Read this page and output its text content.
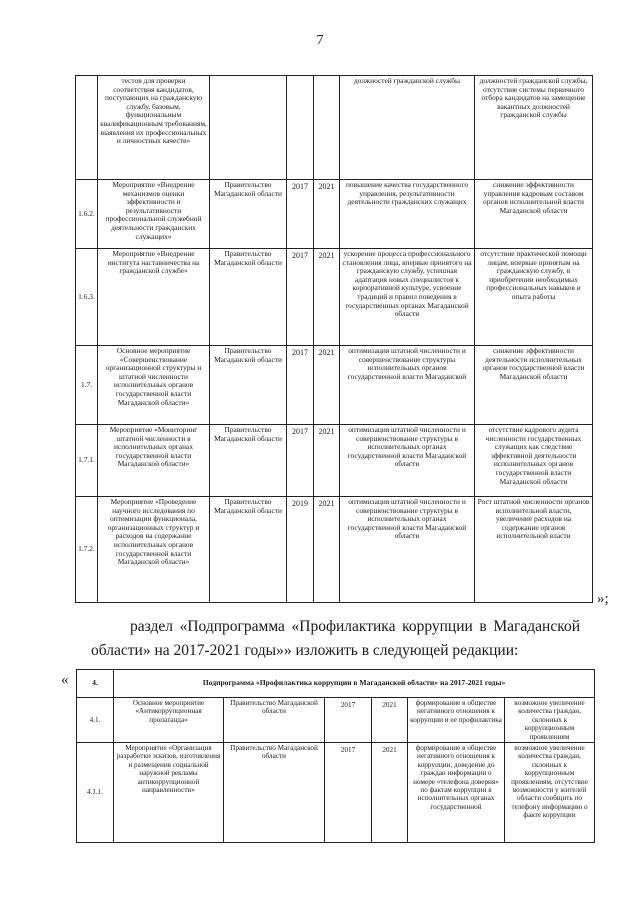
7
	тестов для проверки соответствия кандидатов, поступающих на гражданскую службу, базовым, функциональным квалификационным требованиям, выявления их профессиональных и личностных качеств»				должностей гражданской службы	должностей гражданской службы, отсутствие системы первичного отбора кандидатов на замещение вакантных должностей гражданской службы
1.6.2.	Мероприятие «Внедрение механизмов оценки эффективности и результативности профессиональной служебной деятельности гражданских служащих»	Правительство Магаданской области	2017	2021	повышение качества государственного управления, результативности деятельности гражданских служащих	снижение эффективности управления кадровым составом органов исполнительной власти Магаданской области
1.6.3.	Мероприятие «Внедрение института наставничества на гражданской службе»	Правительство Магаданской области	2017	2021	ускорение процесса профессионального становления лица, впервые принятого на гражданскую службу, успешная адаптация новых специалистов к корпоративной культуре, усвоение традиций и правил поведения в государственных органах Магаданской области	отсутствие практической помощи лицам, впервые принятым на гражданскую службу, в приобретении необходимых профессиональных навыков и опыта работы
1.7.	Основное мероприятие «Совершенствование организационной структуры и штатной численности исполнительных органов государственной власти Магаданской области»	Правительство Магаданской области	2017	2021	оптимизация штатной численности и совершенствование структуры исполнительных органов государственной власти Магаданской	снижение эффективности деятельности исполнительных органов государственной власти Магаданской области
1.7.1.	Мероприятие «Мониторинг штатной численности в исполнительных органах государственной власти Магаданской области»	Правительство Магаданской области	2017	2021	оптимизация штатной численности и совершенствование структуры в исполнительных органах государственной власти Магаданской области	отсутствие кадрового аудита численности государственных служащих как следствие эффективной деятельности исполнительных органов государственной власти Магаданской области
1.7.2.	Мероприятие «Проведение научного исследования по оптимизации функционала, организационных структур и расходов на содержание исполнительных органов государственной власти Магаданской области»	Правительство Магаданской области	2019	2021	оптимизация штатной численности и совершенствование структуры в исполнительных органах государственной власти Магаданской области	Рост штатной численности органов исполнительной власти, увеличение расходов на содержание органов исполнительной власти
»;
раздел «Подпрограмма «Профилактика коррупции в Магаданской
области» на 2017-2021 годы»» изложить в следующей редакции:
«	4.	Подпрограмма «Профилактика коррупции в Магаданской области» на 2017-2021 годы»					
4.1.	Основное мероприятие «Антикоррупционная пропаганда»	Правительство Магаданской области	2017	2021	формирование в обществе негативного отношения к коррупции и ее профилактика	возможное увеличение количества граждан, склонных к коррупционным проявлениям
4.1.1.	Мероприятие «Организация разработки эскизов, изготовления и размещения социальной наружной рекламы антикоррупционной направленности»	Правительство Магаданской области	2017	2021	формирование в обществе негативного отношения к коррупции, доведение до граждан информации о номере «телефона доверия» по фактам коррупции в исполнительных органах государственной	возможное увеличение количества граждан, склонных к коррупционным проявлениям, отсутствие возможности у жителей области сообщить по телефону информацию о факте коррупции
